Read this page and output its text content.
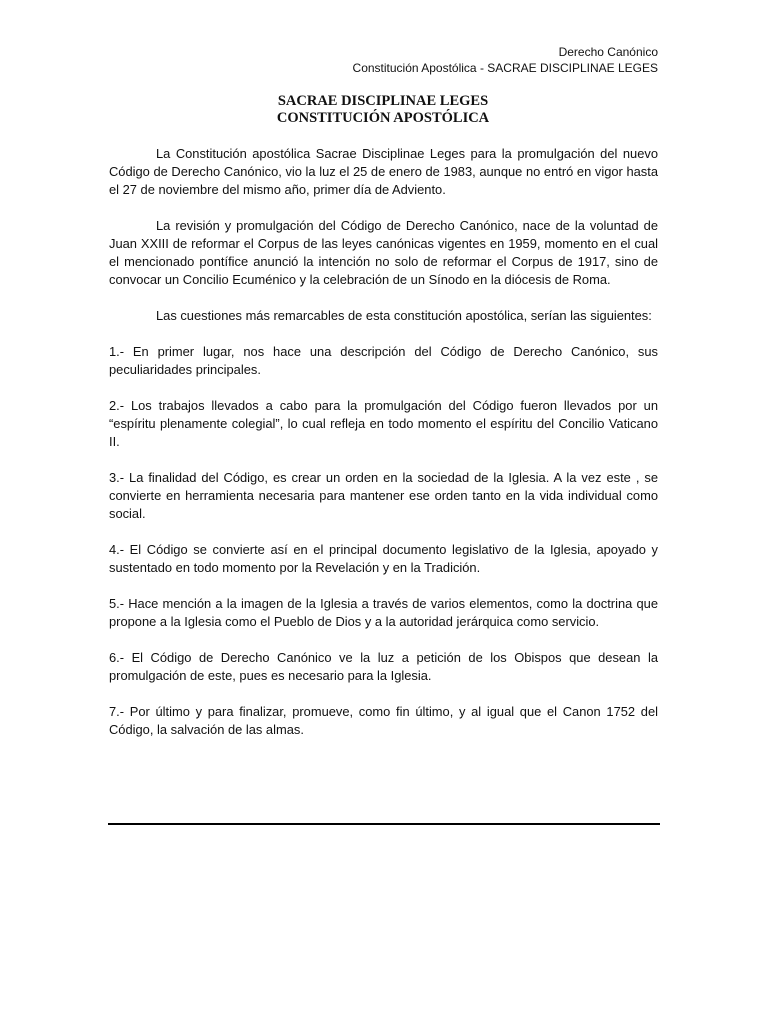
Derecho Canónico
Constitución Apostólica - SACRAE DISCIPLINAE LEGES
SACRAE DISCIPLINAE LEGES
CONSTITUCIÓN APOSTÓLICA

La Constitución apostólica Sacrae Disciplinae Leges para la promulgación del nuevo Código de Derecho Canónico, vio la luz el 25 de enero de 1983, aunque no entró en vigor hasta el 27 de noviembre del mismo año, primer día de Adviento.

La revisión y promulgación del Código de Derecho Canónico, nace de la voluntad de Juan XXIII de reformar el Corpus de las leyes canónicas vigentes en 1959, momento en el cual el mencionado pontífice anunció la intención no solo de reformar el Corpus de 1917, sino de convocar un Concilio Ecuménico y la celebración de un Sínodo en la diócesis de Roma.

Las cuestiones más remarcables de esta constitución apostólica, serían las siguientes:

1.- En primer lugar, nos hace una descripción del Código de Derecho Canónico, sus peculiaridades principales.

2.- Los trabajos llevados a cabo para la promulgación del Código fueron llevados por un “espíritu plenamente colegial”, lo cual refleja en todo momento el espíritu del Concilio Vaticano II.

3.- La finalidad del Código, es crear un orden en la sociedad de la Iglesia. A la vez este , se convierte en herramienta necesaria para mantener ese orden tanto en la vida individual como social.

4.- El Código se convierte así en el principal documento legislativo de la Iglesia, apoyado y sustentado en todo momento por la Revelación y en la Tradición.

5.- Hace mención a la imagen de la Iglesia a través de varios elementos, como la doctrina que propone a la Iglesia como el Pueblo de Dios y a la autoridad jerárquica como servicio.

6.- El Código de Derecho Canónico ve la luz a petición de los Obispos que desean la promulgación de este, pues es necesario para la Iglesia.

7.- Por último y para finalizar, promueve, como fin último, y al igual que el Canon 1752 del Código, la salvación de las almas.
